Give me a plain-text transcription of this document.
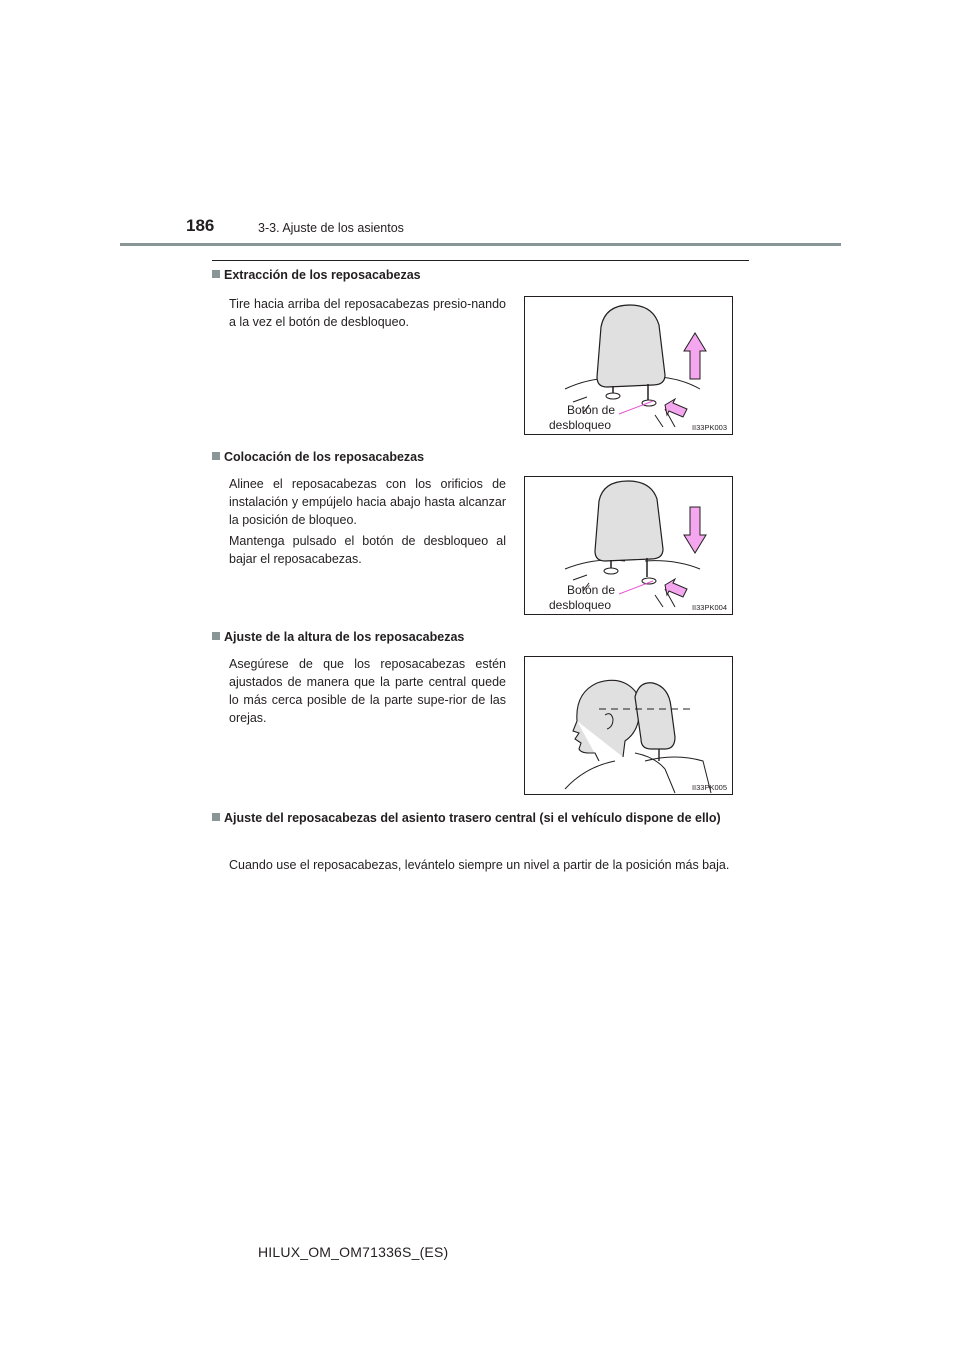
186	3-3. Ajuste de los asientos
Extracción de los reposacabezas
Tire hacia arriba del reposacabezas presio-nando a la vez el botón de desbloqueo.
Botón de
desbloqueo	II33PK003
Colocación de los reposacabezas
Alinee el reposacabezas con los orificios de instalación y empújelo hacia abajo hasta alcanzar la posición de bloqueo.
Mantenga pulsado el botón de desbloqueo al bajar el reposacabezas.
Botón de
desbloqueo	II33PK004
Ajuste de la altura de los reposacabezas
Asegúrese de que los reposacabezas estén ajustados de manera que la parte central quede lo más cerca posible de la parte supe-rior de las orejas.
II33PK005
Ajuste del reposacabezas del asiento trasero central (si el vehículo dispone de ello)
Cuando use el reposacabezas, levántelo siempre un nivel a partir de la posición más baja.
HILUX_OM_OM71336S_(ES)
